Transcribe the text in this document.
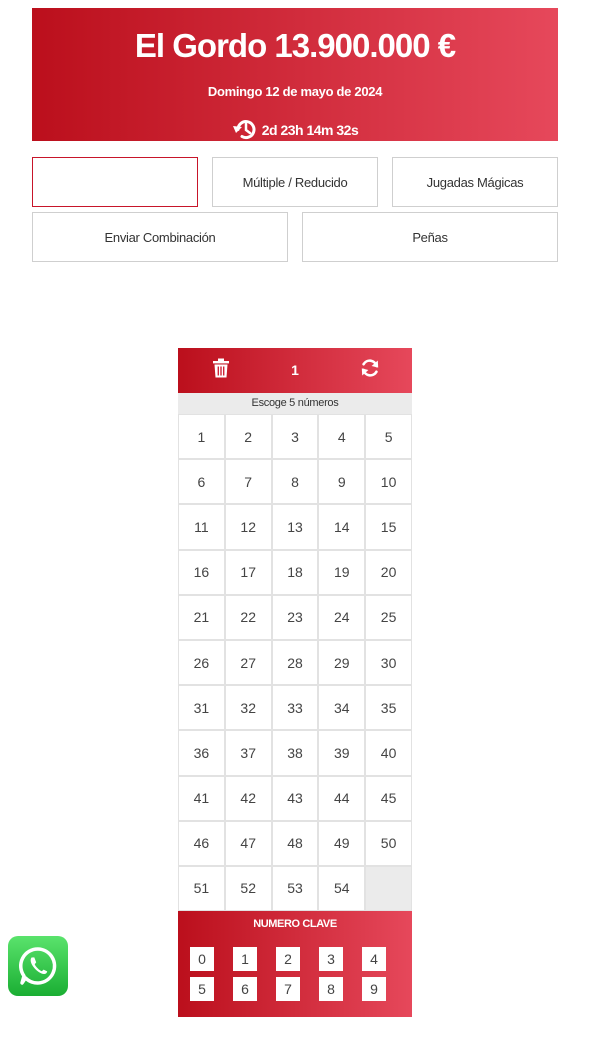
El Gordo 13.900.000 €
Domingo 12 de mayo de 2024
2d 23h 14m 32s
Boleto Directo	Múltiple / Reducido	Jugadas Mágicas
Enviar Combinación	Peñas
1
Escoge 5 números
1	2	3	4	5
6	7	8	9	10
11	12	13	14	15
16	17	18	19	20
21	22	23	24	25
26	27	28	29	30
31	32	33	34	35
36	37	38	39	40
41	42	43	44	45
46	47	48	49	50
51	52	53	54
NUMERO CLAVE
0	1	2	3	4
5	6	7	8	9
